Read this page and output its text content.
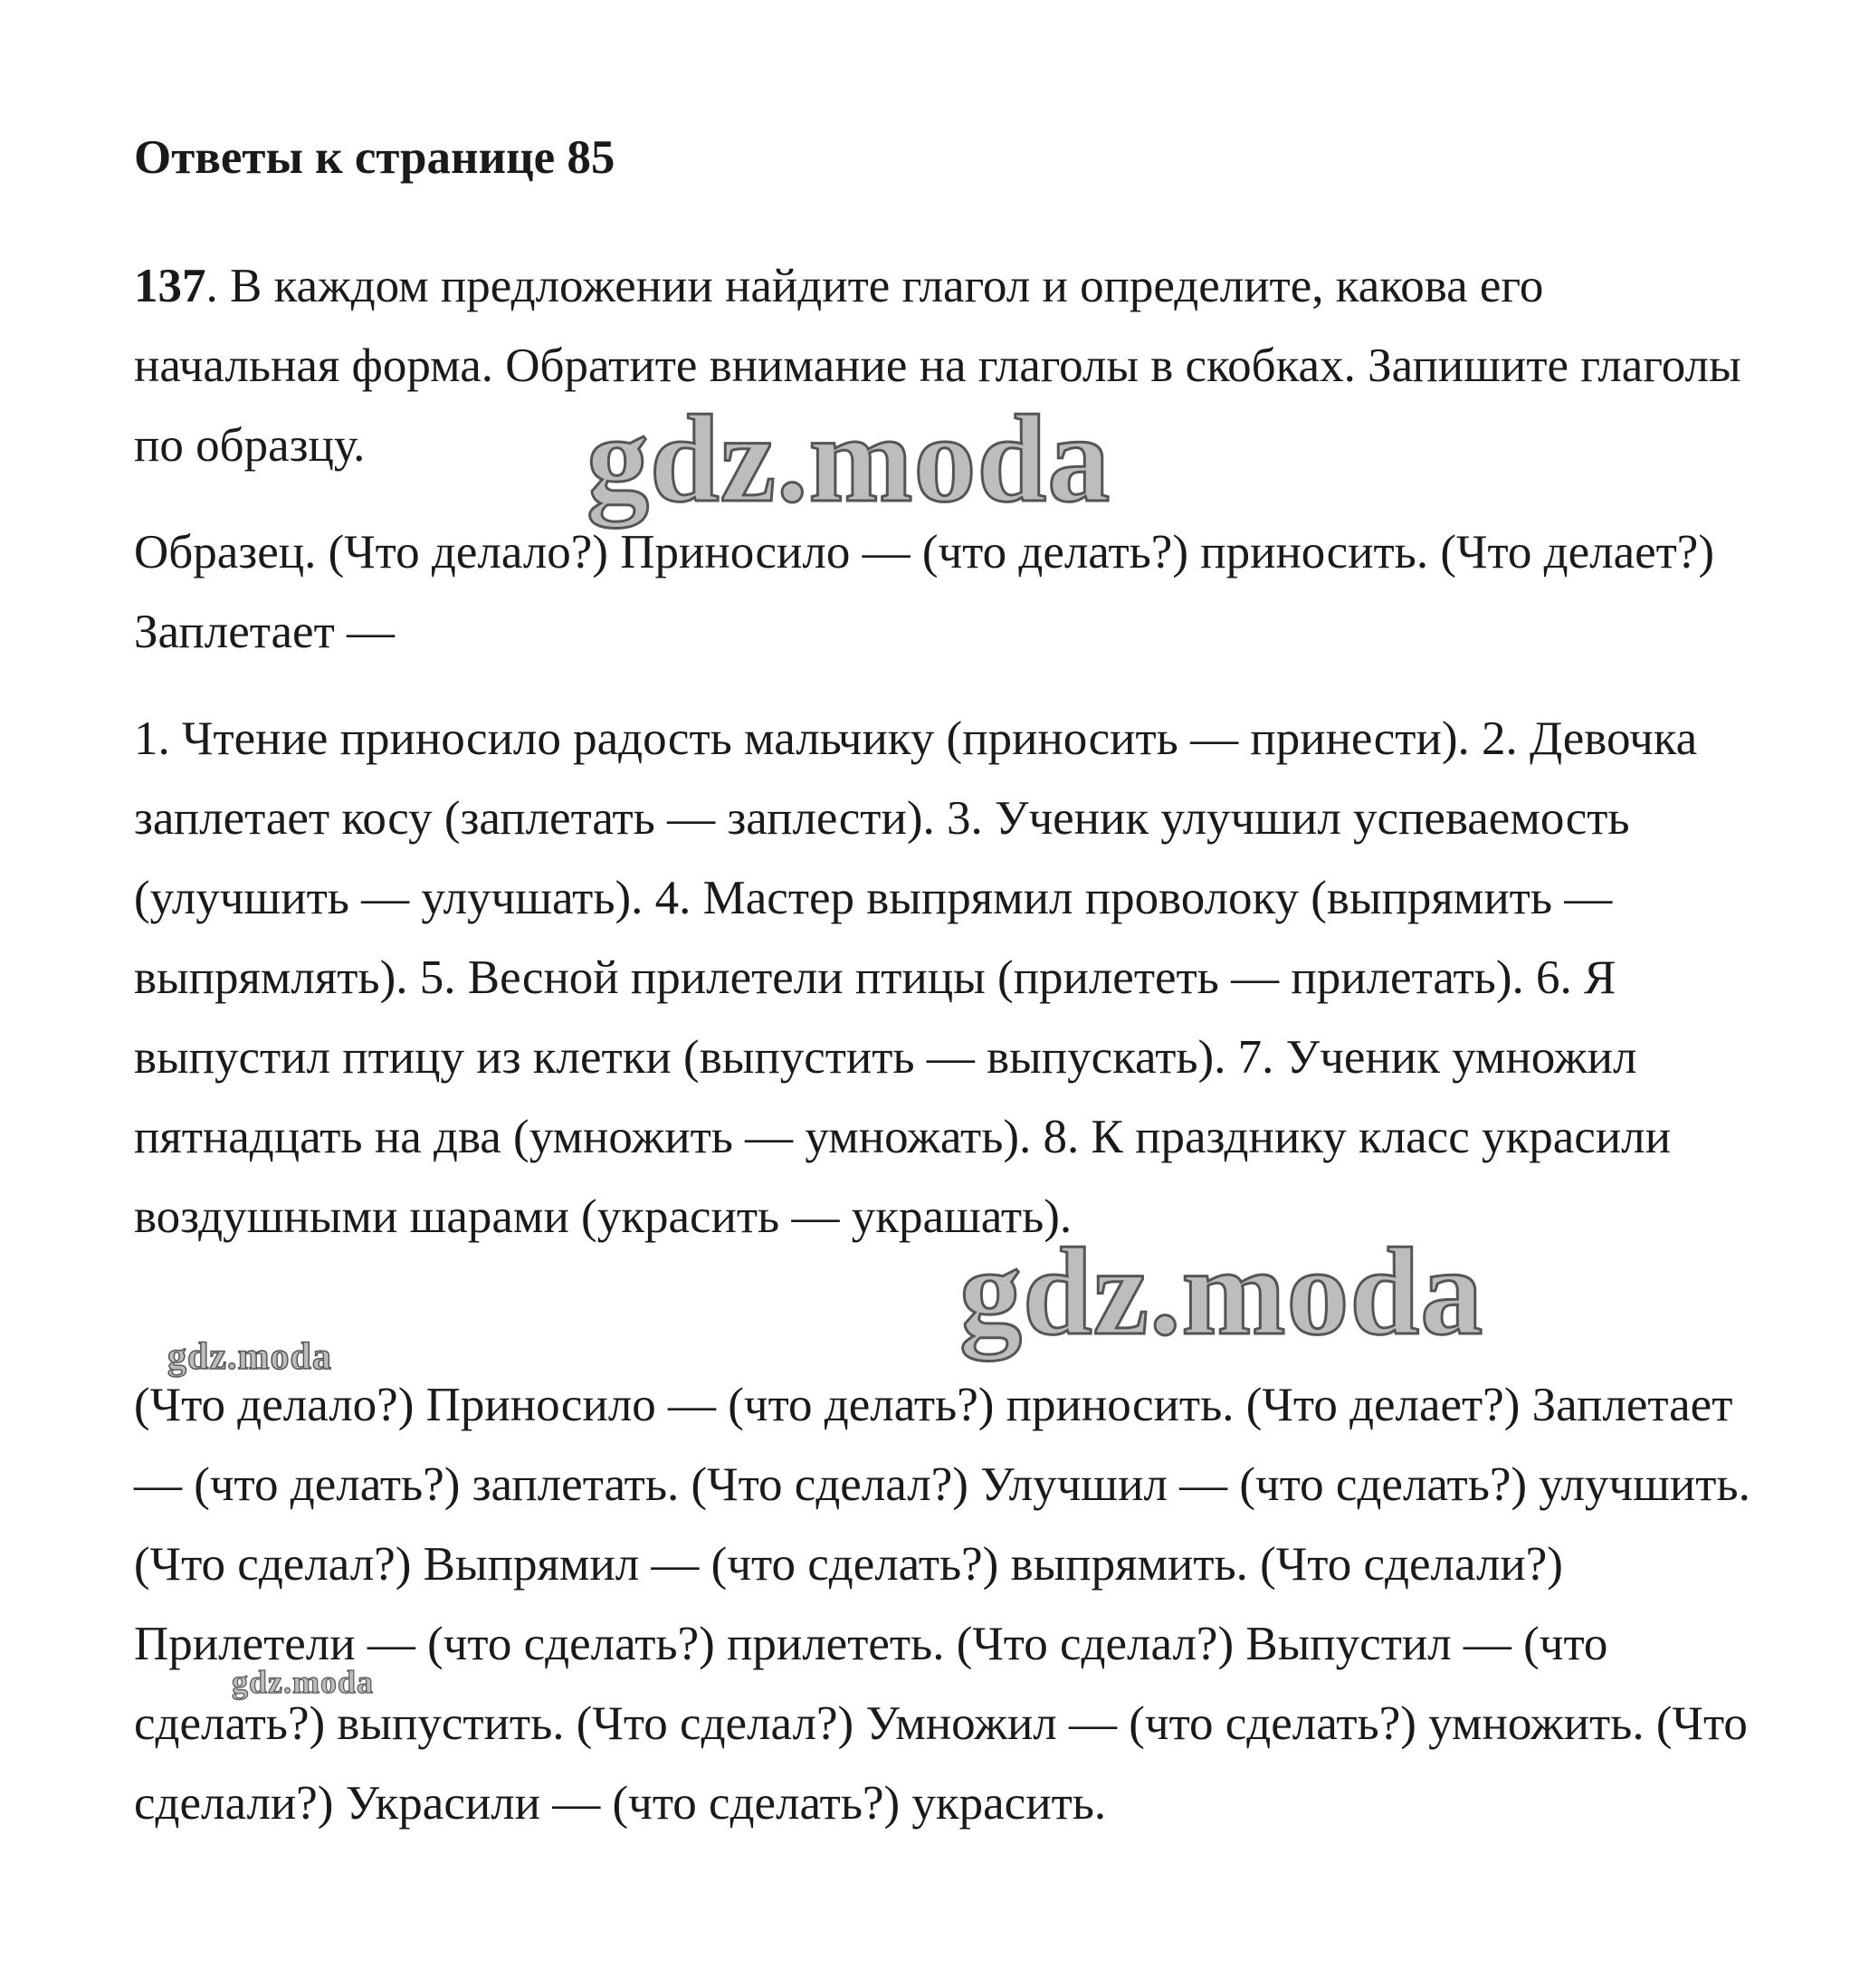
Ответы к странице 85

137. В каждом предложении найдите глагол и определите, какова его начальная форма. Обратите внимание на глаголы в скобках. Запишите глаголы по образцу.

Образец. (Что делало?) Приносило — (что делать?) приносить. (Что делает?) Заплетает —

1. Чтение приносило радость мальчику (приносить — принести). 2. Девочка заплетает косу (заплетать — заплести). 3. Ученик улучшил успеваемость (улучшить — улучшать). 4. Мастер выпрямил проволоку (выпрямить — выпрямлять). 5. Весной прилетели птицы (прилететь — прилетать). 6. Я выпустил птицу из клетки (выпустить — выпускать). 7. Ученик умножил пятнадцать на два (умножить — умножать). 8. К празднику класс украсили воздушными шарами (украсить — украшать).

(Что делало?) Приносило — (что делать?) приносить. (Что делает?) Заплетает — (что делать?) заплетать. (Что сделал?) Улучшил — (что сделать?) улучшить. (Что сделал?) Выпрямил — (что сделать?) выпрямить. (Что сделали?) Прилетели — (что сделать?) прилететь. (Что сделал?) Выпустил — (что сделать?) выпустить. (Что сделал?) Умножил — (что сделать?) умножить. (Что сделали?) Украсили — (что сделать?) украсить.

gdz.moda
gdz.moda
gdz.moda
gdz.moda
